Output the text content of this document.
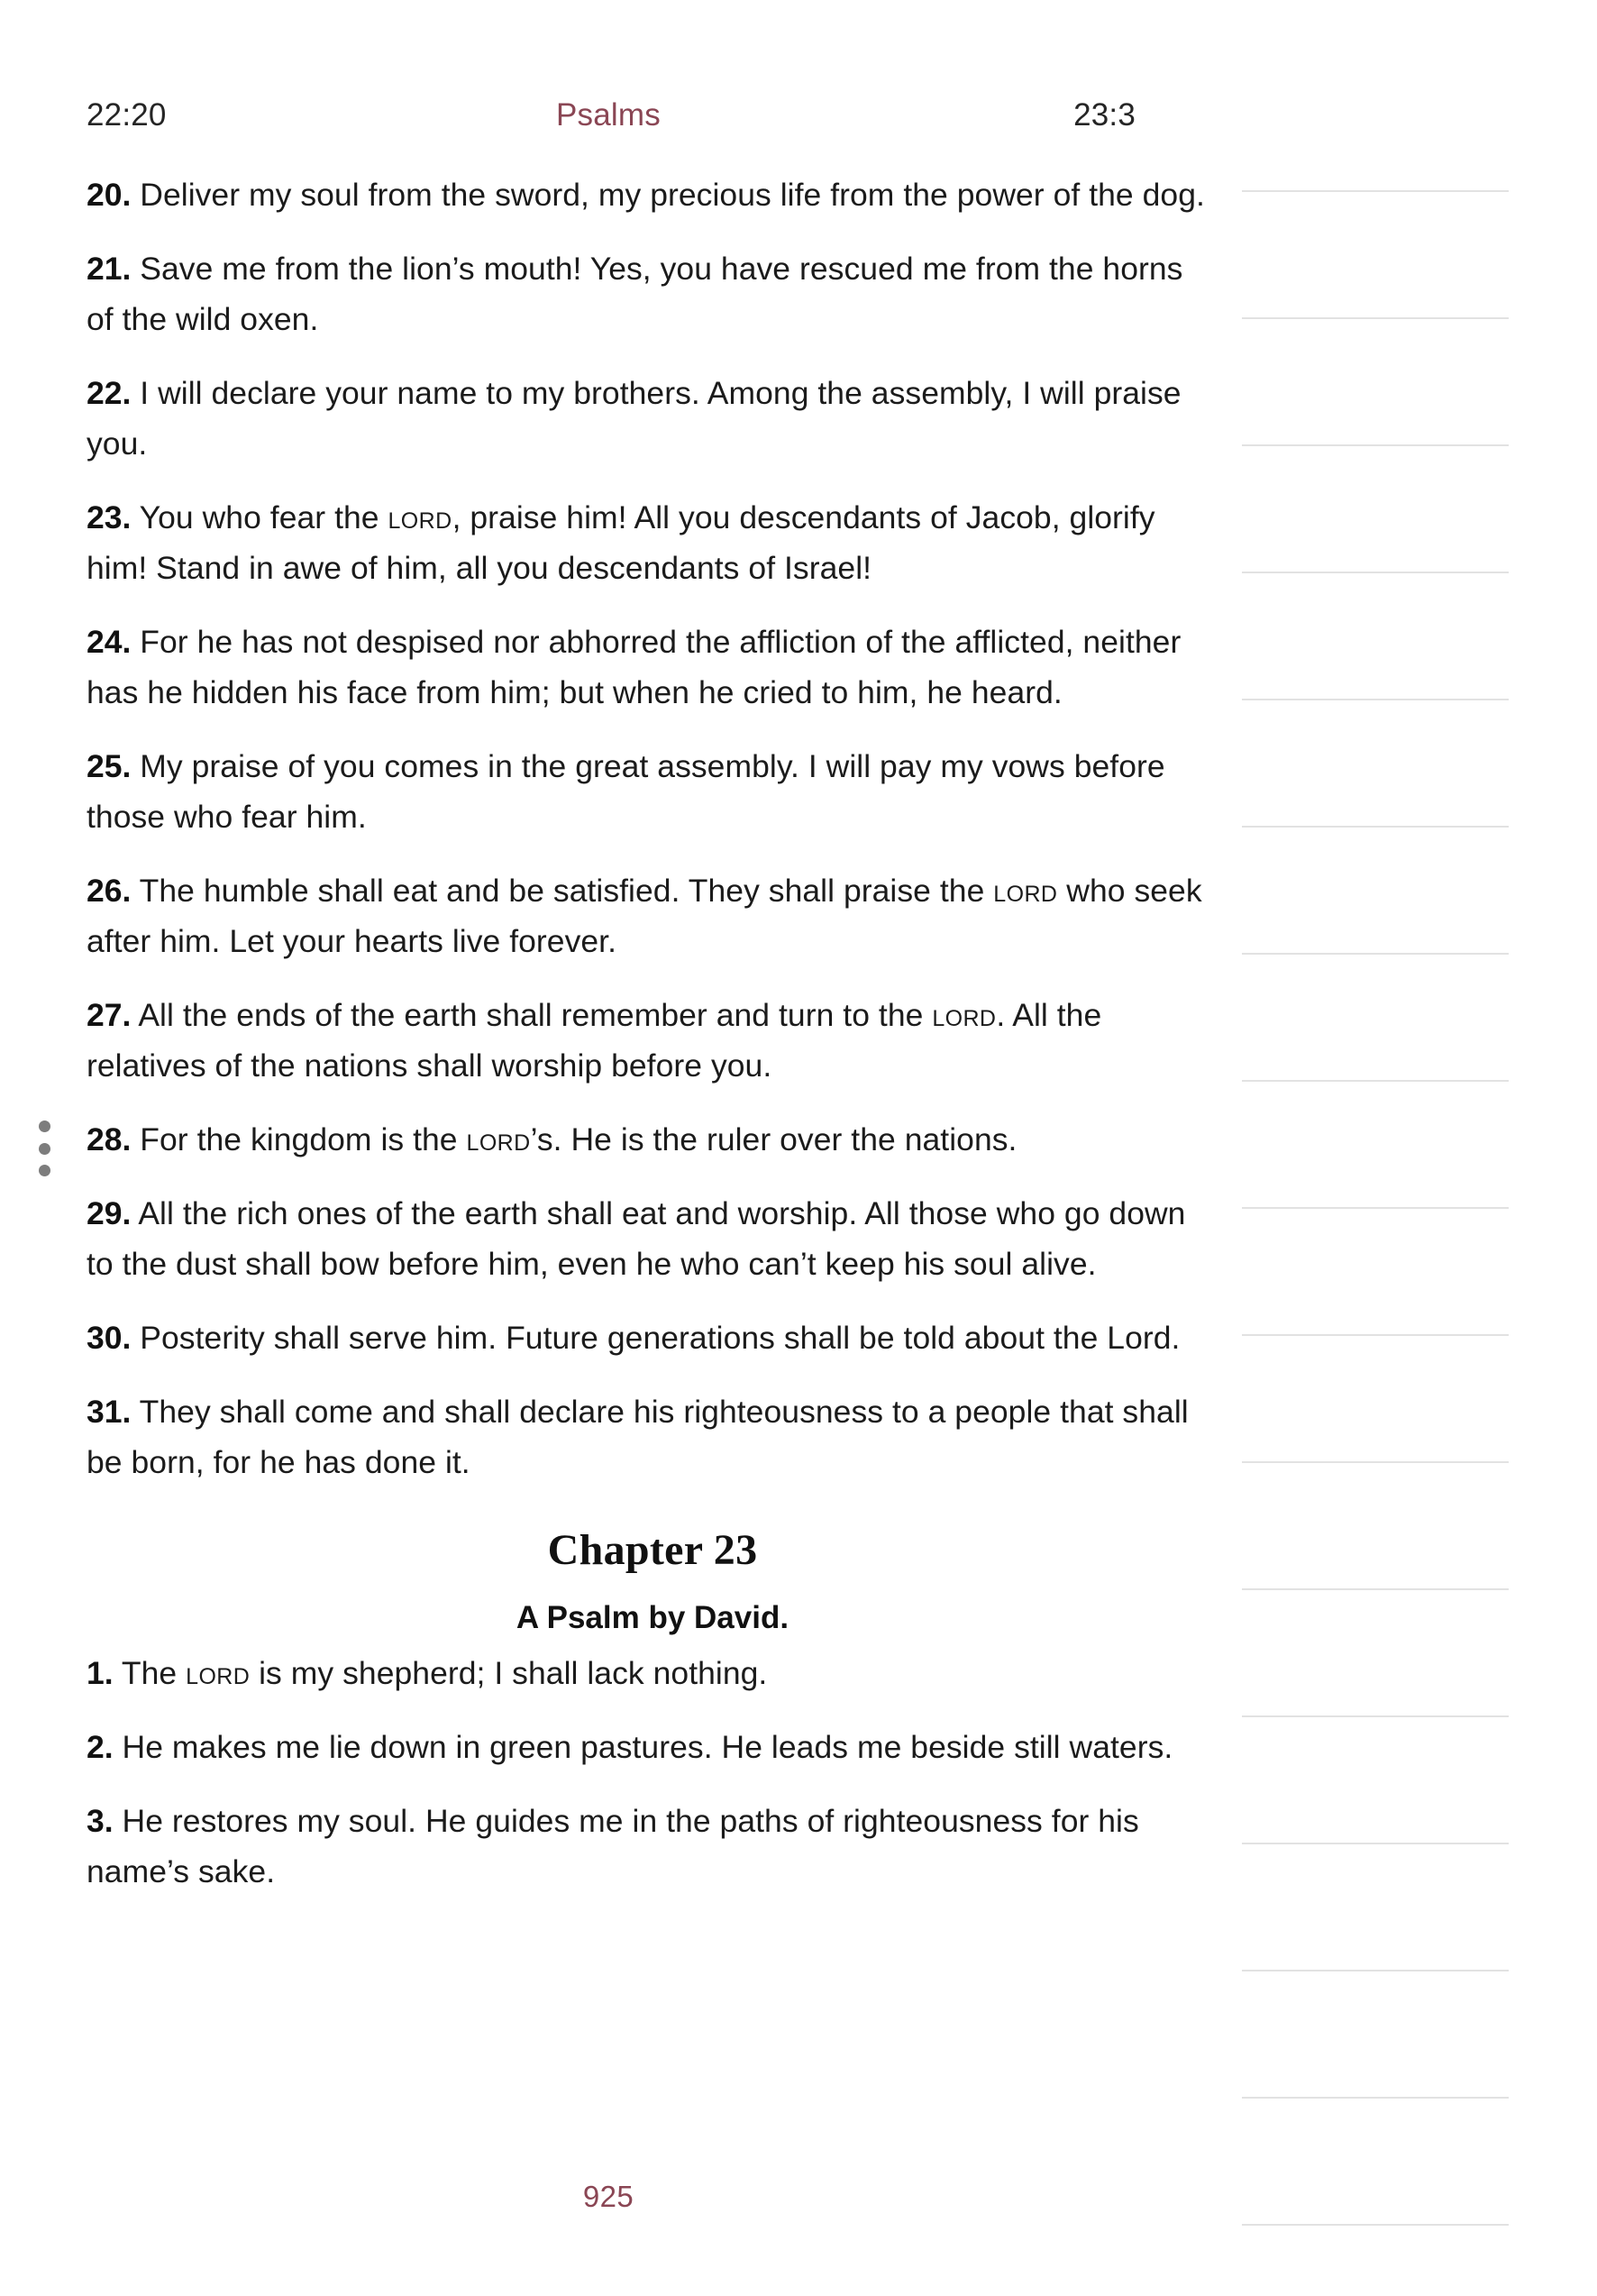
22:20	Psalms	23:3

20. Deliver my soul from the sword, my precious life from the power of the dog.

21. Save me from the lion’s mouth! Yes, you have rescued me from the horns of the wild oxen.

22. I will declare your name to my brothers. Among the assembly, I will praise you.

23. You who fear the lord, praise him! All you descendants of Jacob, glorify him! Stand in awe of him, all you descendants of Israel!

24. For he has not despised nor abhorred the affliction of the afflicted, neither has he hidden his face from him; but when he cried to him, he heard.

25. My praise of you comes in the great assembly. I will pay my vows before those who fear him.

26. The humble shall eat and be satisfied. They shall praise the lord who seek after him. Let your hearts live forever.

27. All the ends of the earth shall remember and turn to the lord. All the relatives of the nations shall worship before you.

28. For the kingdom is the lord’s. He is the ruler over the nations.

29. All the rich ones of the earth shall eat and worship. All those who go down to the dust shall bow before him, even he who can’t keep his soul alive.

30. Posterity shall serve him. Future generations shall be told about the Lord.

31. They shall come and shall declare his righteousness to a people that shall be born, for he has done it.

Chapter 23
A Psalm by David.

1. The lord is my shepherd; I shall lack nothing.

2. He makes me lie down in green pastures. He leads me beside still waters.

3. He restores my soul. He guides me in the paths of righteousness for his name’s sake.

925
